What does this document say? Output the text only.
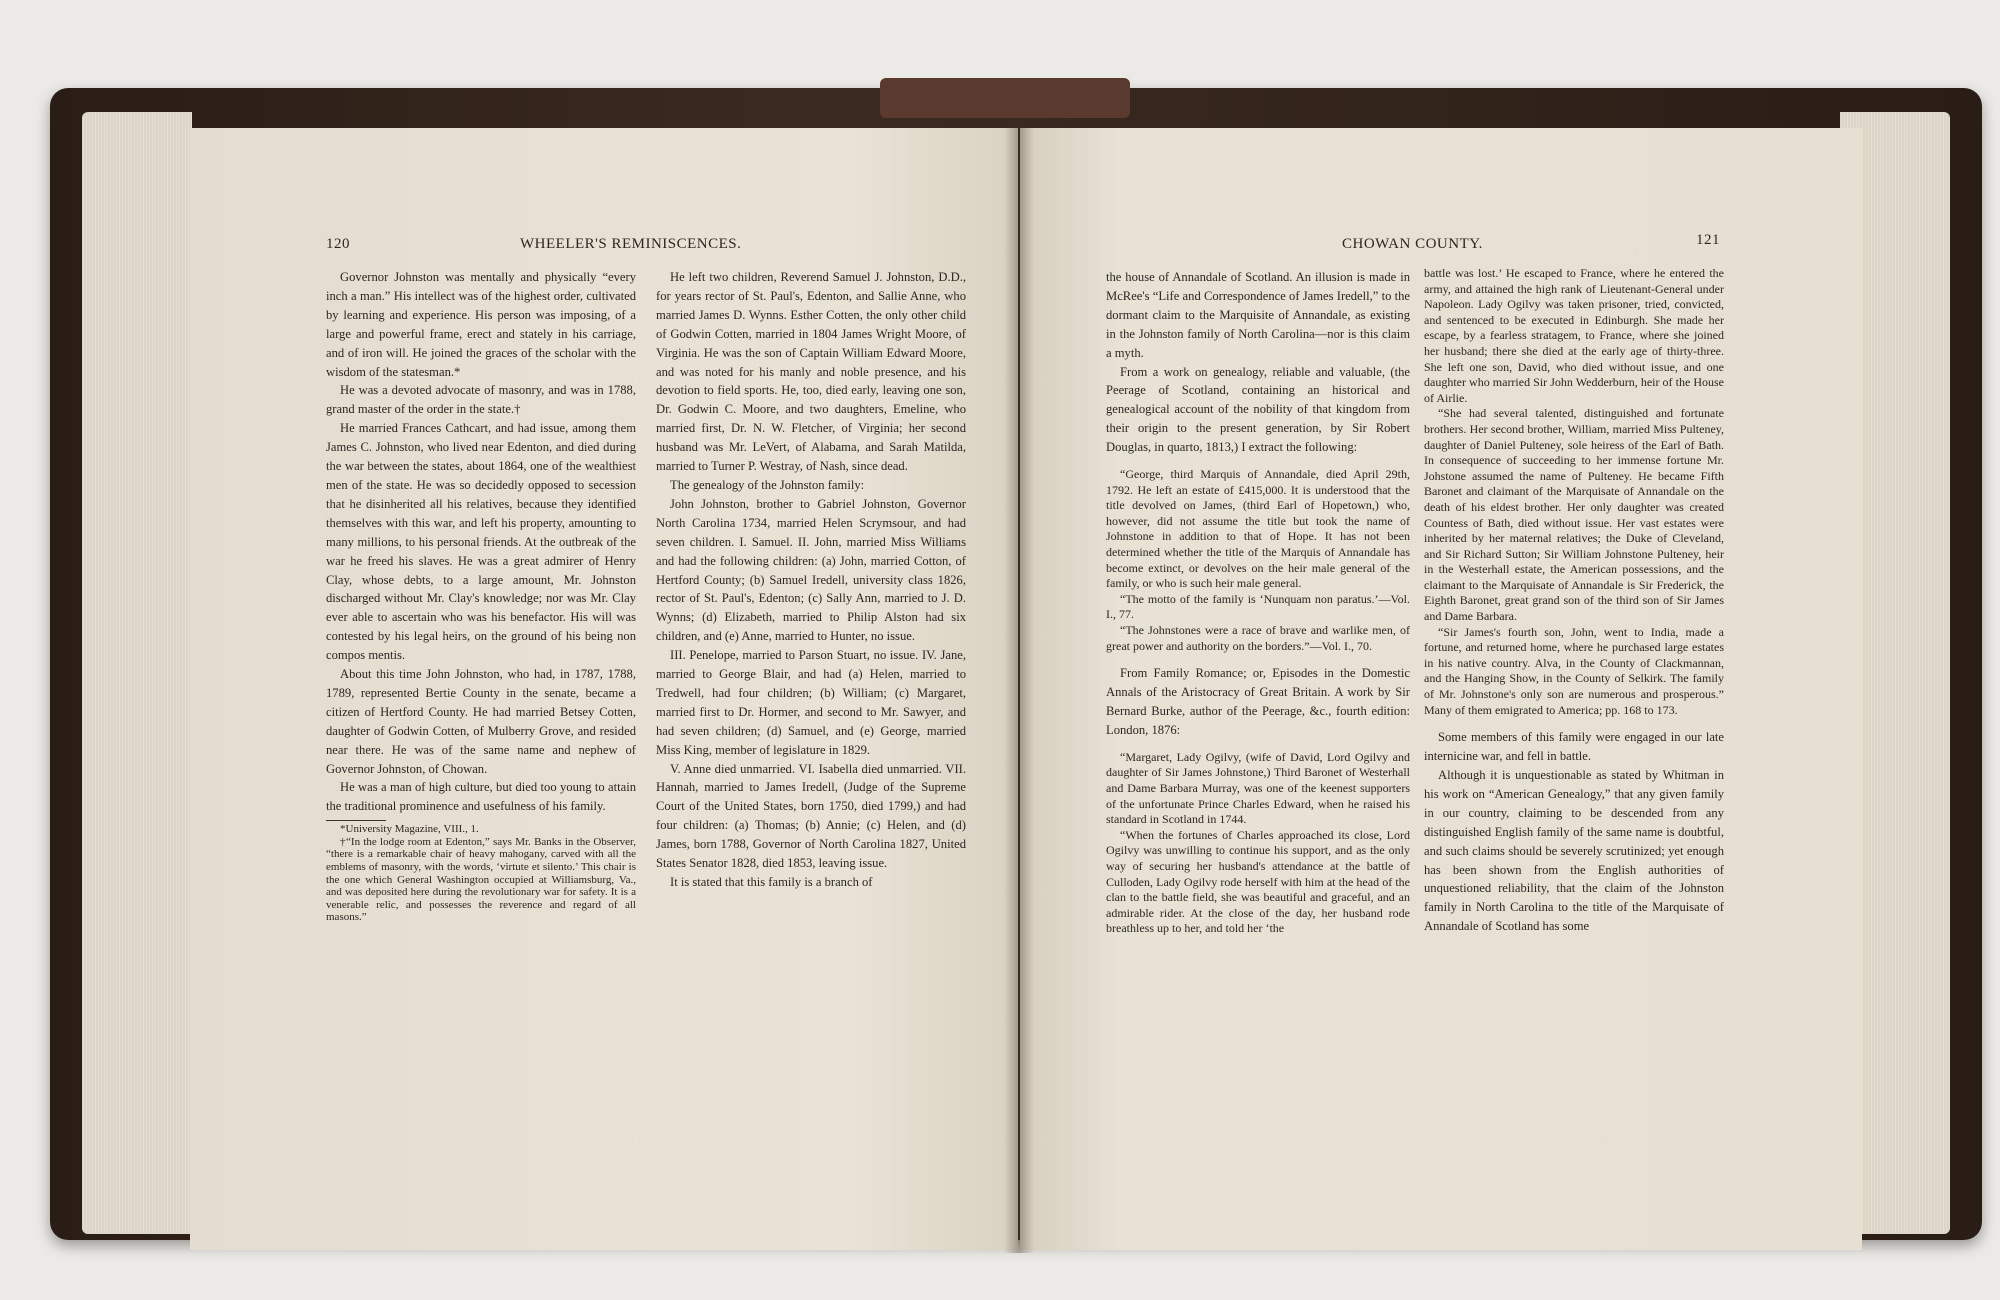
120	WHEELER'S REMINISCENCES.

Governor Johnston was mentally and physically “every inch a man.” His intellect was of the highest order, cultivated by learning and experience. His person was imposing, of a large and powerful frame, erect and stately in his carriage, and of iron will. He joined the graces of the scholar with the wisdom of the statesman.*

He was a devoted advocate of masonry, and was in 1788, grand master of the order in the state.†

He married Frances Cathcart, and had issue, among them James C. Johnston, who lived near Edenton, and died during the war between the states, about 1864, one of the wealthiest men of the state. He was so decidedly opposed to secession that he disinherited all his relatives, because they identified themselves with this war, and left his property, amounting to many millions, to his personal friends. At the outbreak of the war he freed his slaves. He was a great admirer of Henry Clay, whose debts, to a large amount, Mr. Johnston discharged without Mr. Clay's knowledge; nor was Mr. Clay ever able to ascertain who was his benefactor. His will was contested by his legal heirs, on the ground of his being non compos mentis.

About this time John Johnston, who had, in 1787, 1788, 1789, represented Bertie County in the senate, became a citizen of Hertford County. He had married Betsey Cotten, daughter of Godwin Cotten, of Mulberry Grove, and resided near there. He was of the same name and nephew of Governor Johnston, of Chowan.

He was a man of high culture, but died too young to attain the traditional prominence and usefulness of his family.

*University Magazine, VIII., 1.

†“In the lodge room at Edenton,” says Mr. Banks in the Observer, “there is a remarkable chair of heavy mahogany, carved with all the emblems of masonry, with the words, ‘virtute et silento.’ This chair is the one which General Washington occupied at Williamsburg, Va., and was deposited here during the revolutionary war for safety. It is a venerable relic, and possesses the reverence and regard of all masons.”

He left two children, Reverend Samuel J. Johnston, D.D., for years rector of St. Paul's, Edenton, and Sallie Anne, who married James D. Wynns. Esther Cotten, the only other child of Godwin Cotten, married in 1804 James Wright Moore, of Virginia. He was the son of Captain William Edward Moore, and was noted for his manly and noble presence, and his devotion to field sports. He, too, died early, leaving one son, Dr. Godwin C. Moore, and two daughters, Emeline, who married first, Dr. N. W. Fletcher, of Virginia; her second husband was Mr. LeVert, of Alabama, and Sarah Matilda, married to Turner P. Westray, of Nash, since dead.

The genealogy of the Johnston family:

John Johnston, brother to Gabriel Johnston, Governor North Carolina 1734, married Helen Scrymsour, and had seven children. I. Samuel. II. John, married Miss Williams and had the following children: (a) John, married Cotton, of Hertford County; (b) Samuel Iredell, university class 1826, rector of St. Paul's, Edenton; (c) Sally Ann, married to J. D. Wynns; (d) Elizabeth, married to Philip Alston had six children, and (e) Anne, married to Hunter, no issue.

III. Penelope, married to Parson Stuart, no issue. IV. Jane, married to George Blair, and had (a) Helen, married to Tredwell, had four children; (b) William; (c) Margaret, married first to Dr. Hormer, and second to Mr. Sawyer, and had seven children; (d) Samuel, and (e) George, married Miss King, member of legislature in 1829.

V. Anne died unmarried. VI. Isabella died unmarried. VII. Hannah, married to James Iredell, (Judge of the Supreme Court of the United States, born 1750, died 1799,) and had four children: (a) Thomas; (b) Annie; (c) Helen, and (d) James, born 1788, Governor of North Carolina 1827, United States Senator 1828, died 1853, leaving issue.

It is stated that this family is a branch of

CHOWAN COUNTY.	121

the house of Annandale of Scotland. An illusion is made in McRee's “Life and Correspondence of James Iredell,” to the dormant claim to the Marquisite of Annandale, as existing in the Johnston family of North Carolina—nor is this claim a myth.

From a work on genealogy, reliable and valuable, (the Peerage of Scotland, containing an historical and genealogical account of the nobility of that kingdom from their origin to the present generation, by Sir Robert Douglas, in quarto, 1813,) I extract the following:

“George, third Marquis of Annandale, died April 29th, 1792. He left an estate of £415,000. It is understood that the title devolved on James, (third Earl of Hopetown,) who, however, did not assume the title but took the name of Johnstone in addition to that of Hope. It has not been determined whether the title of the Marquis of Annandale has become extinct, or devolves on the heir male general of the family, or who is such heir male general.

“The motto of the family is ‘Nunquam non paratus.’—Vol. I., 77.

“The Johnstones were a race of brave and warlike men, of great power and authority on the borders.”—Vol. I., 70.

From Family Romance; or, Episodes in the Domestic Annals of the Aristocracy of Great Britain. A work by Sir Bernard Burke, author of the Peerage, &c., fourth edition: London, 1876:

“Margaret, Lady Ogilvy, (wife of David, Lord Ogilvy and daughter of Sir James Johnstone,) Third Baronet of Westerhall and Dame Barbara Murray, was one of the keenest supporters of the unfortunate Prince Charles Edward, when he raised his standard in Scotland in 1744.

“When the fortunes of Charles approached its close, Lord Ogilvy was unwilling to continue his support, and as the only way of securing her husband's attendance at the battle of Culloden, Lady Ogilvy rode herself with him at the head of the clan to the battle field, she was beautiful and graceful, and an admirable rider. At the close of the day, her husband rode breathless up to her, and told her ‘the

battle was lost.’ He escaped to France, where he entered the army, and attained the high rank of Lieutenant-General under Napoleon. Lady Ogilvy was taken prisoner, tried, convicted, and sentenced to be executed in Edinburgh. She made her escape, by a fearless stratagem, to France, where she joined her husband; there she died at the early age of thirty-three. She left one son, David, who died without issue, and one daughter who married Sir John Wedderburn, heir of the House of Airlie.

“She had several talented, distinguished and fortunate brothers. Her second brother, William, married Miss Pulteney, daughter of Daniel Pulteney, sole heiress of the Earl of Bath. In consequence of succeeding to her immense fortune Mr. Johstone assumed the name of Pulteney. He became Fifth Baronet and claimant of the Marquisate of Annandale on the death of his eldest brother. Her only daughter was created Countess of Bath, died without issue. Her vast estates were inherited by her maternal relatives; the Duke of Cleveland, and Sir Richard Sutton; Sir William Johnstone Pulteney, heir in the Westerhall estate, the American possessions, and the claimant to the Marquisate of Annandale is Sir Frederick, the Eighth Baronet, great grand son of the third son of Sir James and Dame Barbara.

“Sir James's fourth son, John, went to India, made a fortune, and returned home, where he purchased large estates in his native country. Alva, in the County of Clackmannan, and the Hanging Show, in the County of Selkirk. The family of Mr. Johnstone's only son are numerous and prosperous.” Many of them emigrated to America; pp. 168 to 173.

Some members of this family were engaged in our late internicine war, and fell in battle.

Although it is unquestionable as stated by Whitman in his work on “American Genealogy,” that any given family in our country, claiming to be descended from any distinguished English family of the same name is doubtful, and such claims should be severely scrutinized; yet enough has been shown from the English authorities of unquestioned reliability, that the claim of the Johnston family in North Carolina to the title of the Marquisate of Annandale of Scotland has some
